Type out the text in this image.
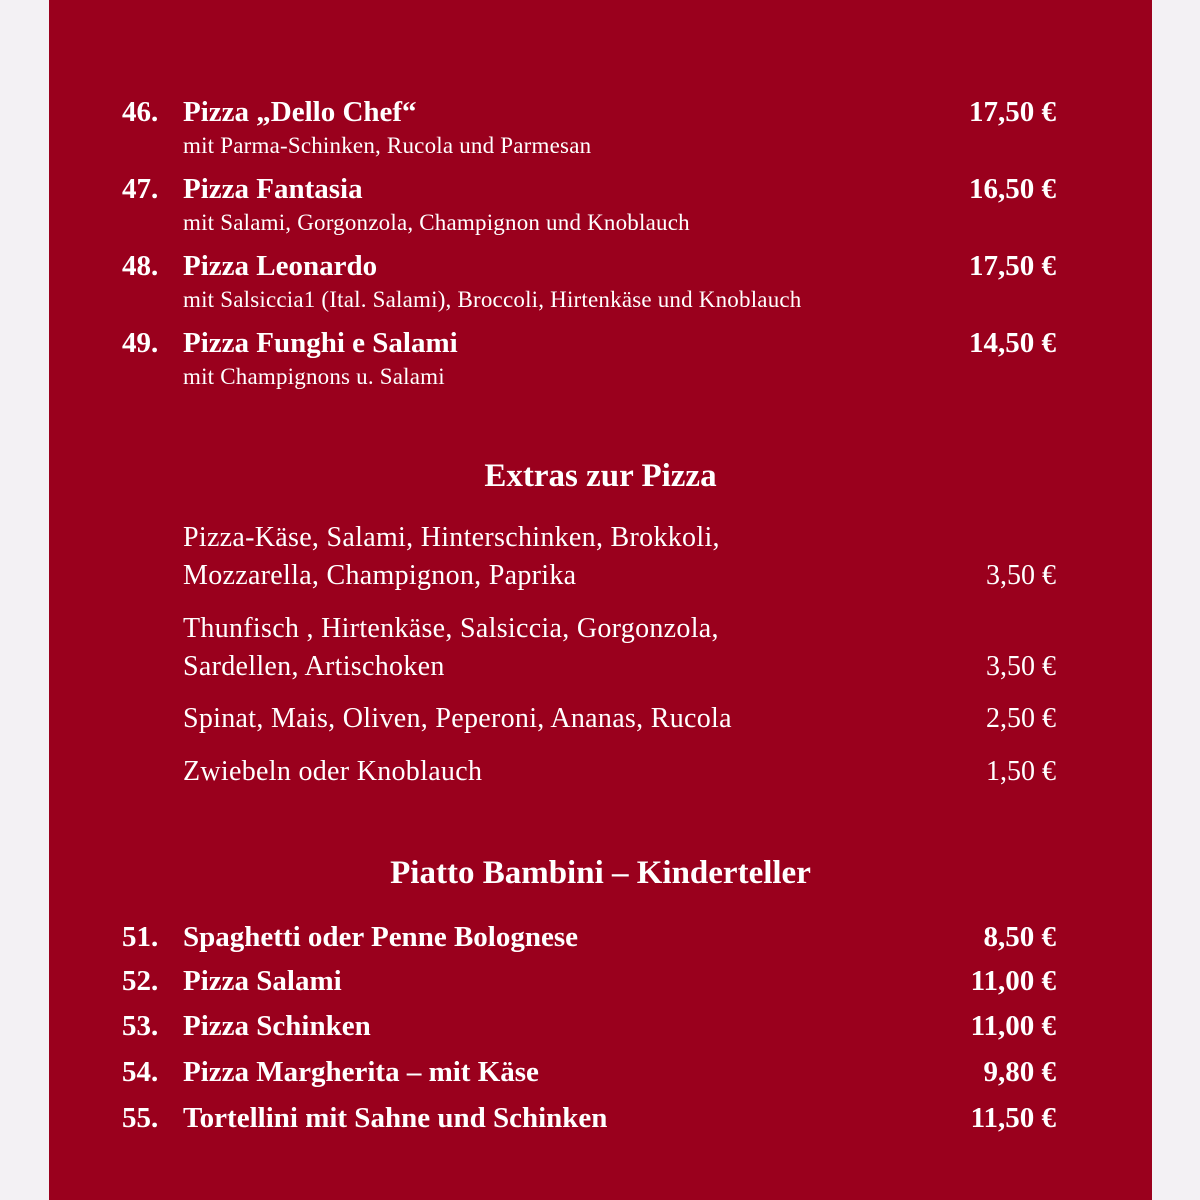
46. Pizza „Dello Chef“	17,50 €
mit Parma-Schinken, Rucola und Parmesan
47. Pizza Fantasia	16,50 €
mit Salami, Gorgonzola, Champignon und Knoblauch
48. Pizza Leonardo	17,50 €
mit Salsiccia1 (Ital. Salami), Broccoli, Hirtenkäse und Knoblauch
49. Pizza Funghi e Salami	14,50 €
mit Champignons u. Salami
Extras zur Pizza
Pizza-Käse, Salami, Hinterschinken, Brokkoli,
Mozzarella, Champignon, Paprika	3,50 €
Thunfisch , Hirtenkäse, Salsiccia, Gorgonzola,
Sardellen, Artischoken	3,50 €
Spinat, Mais, Oliven, Peperoni, Ananas, Rucola	2,50 €
Zwiebeln oder Knoblauch	1,50 €
Piatto Bambini – Kinderteller
51. Spaghetti oder Penne Bolognese	8,50 €
52. Pizza Salami	11,00 €
53. Pizza Schinken	11,00 €
54. Pizza Margherita – mit Käse	9,80 €
55. Tortellini mit Sahne und Schinken	11,50 €
